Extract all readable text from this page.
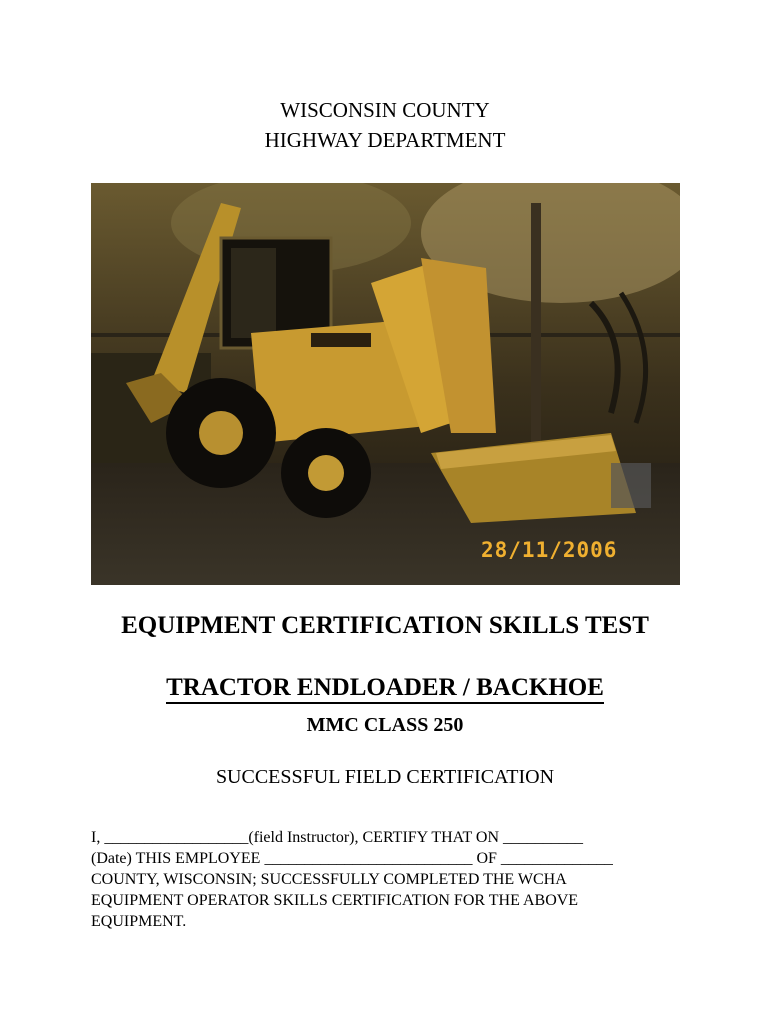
WISCONSIN COUNTY
HIGHWAY DEPARTMENT
28/11/2006
EQUIPMENT CERTIFICATION SKILLS TEST
TRACTOR ENDLOADER / BACKHOE
MMC CLASS 250
SUCCESSFUL FIELD CERTIFICATION
I, __________________(field Instructor), CERTIFY THAT ON __________
(Date) THIS EMPLOYEE __________________________ OF ______________
COUNTY, WISCONSIN; SUCCESSFULLY COMPLETED THE WCHA
EQUIPMENT OPERATOR SKILLS CERTIFICATION FOR THE ABOVE
EQUIPMENT.
